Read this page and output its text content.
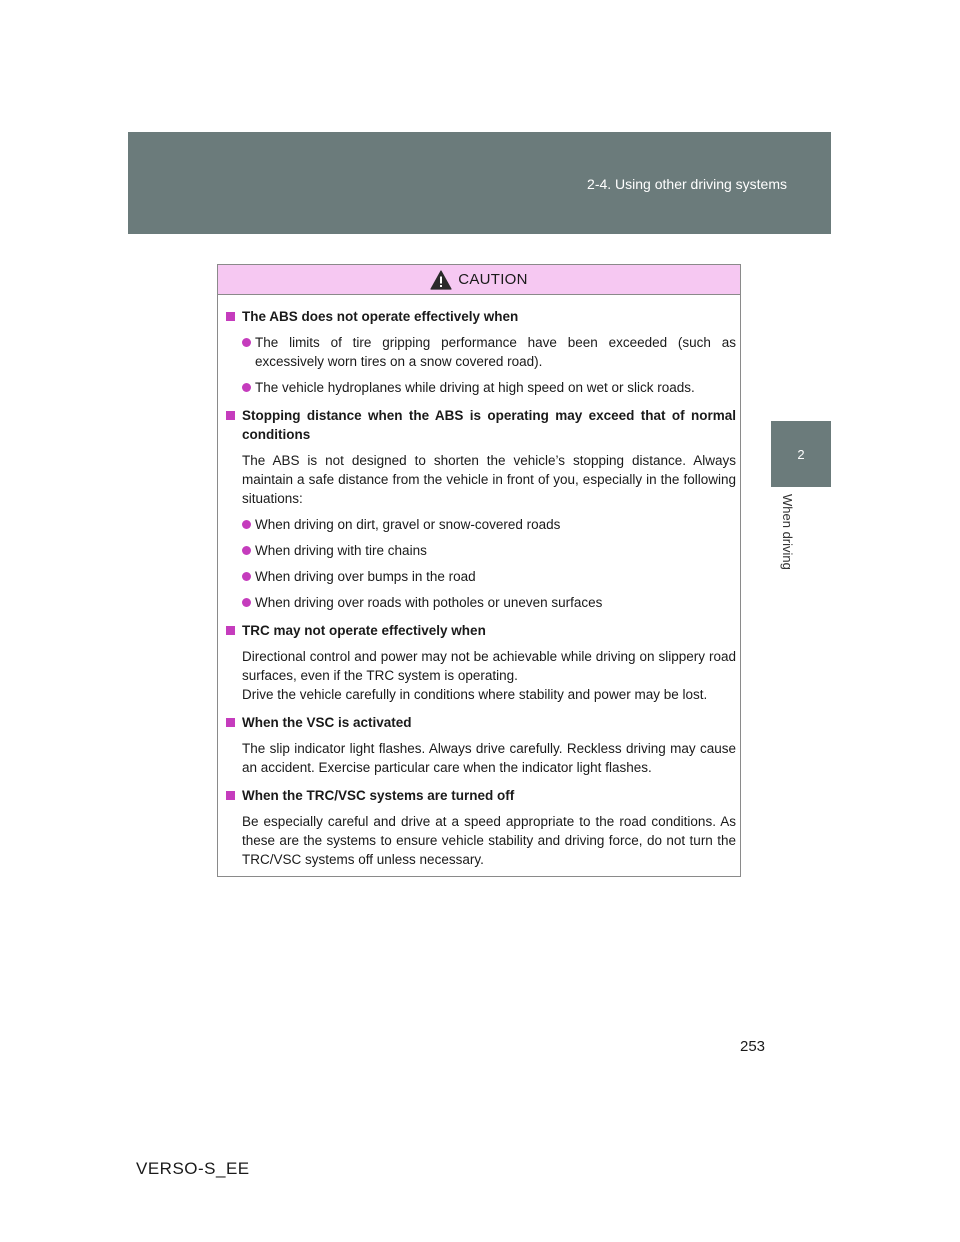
2-4. Using other driving systems
2
When driving
CAUTION
The ABS does not operate effectively when
The limits of tire gripping performance have been exceeded (such as excessively worn tires on a snow covered road).
The vehicle hydroplanes while driving at high speed on wet or slick roads.
Stopping distance when the ABS is operating may exceed that of normal conditions
The ABS is not designed to shorten the vehicle’s stopping distance. Always maintain a safe distance from the vehicle in front of you, especially in the following situations:
When driving on dirt, gravel or snow-covered roads
When driving with tire chains
When driving over bumps in the road
When driving over roads with potholes or uneven surfaces
TRC may not operate effectively when
Directional control and power may not be achievable while driving on slippery road surfaces, even if the TRC system is operating.
Drive the vehicle carefully in conditions where stability and power may be lost.
When the VSC is activated
The slip indicator light flashes. Always drive carefully. Reckless driving may cause an accident. Exercise particular care when the indicator light flashes.
When the TRC/VSC systems are turned off
Be especially careful and drive at a speed appropriate to the road conditions. As these are the systems to ensure vehicle stability and driving force, do not turn the TRC/VSC systems off unless necessary.
253
VERSO-S_EE
